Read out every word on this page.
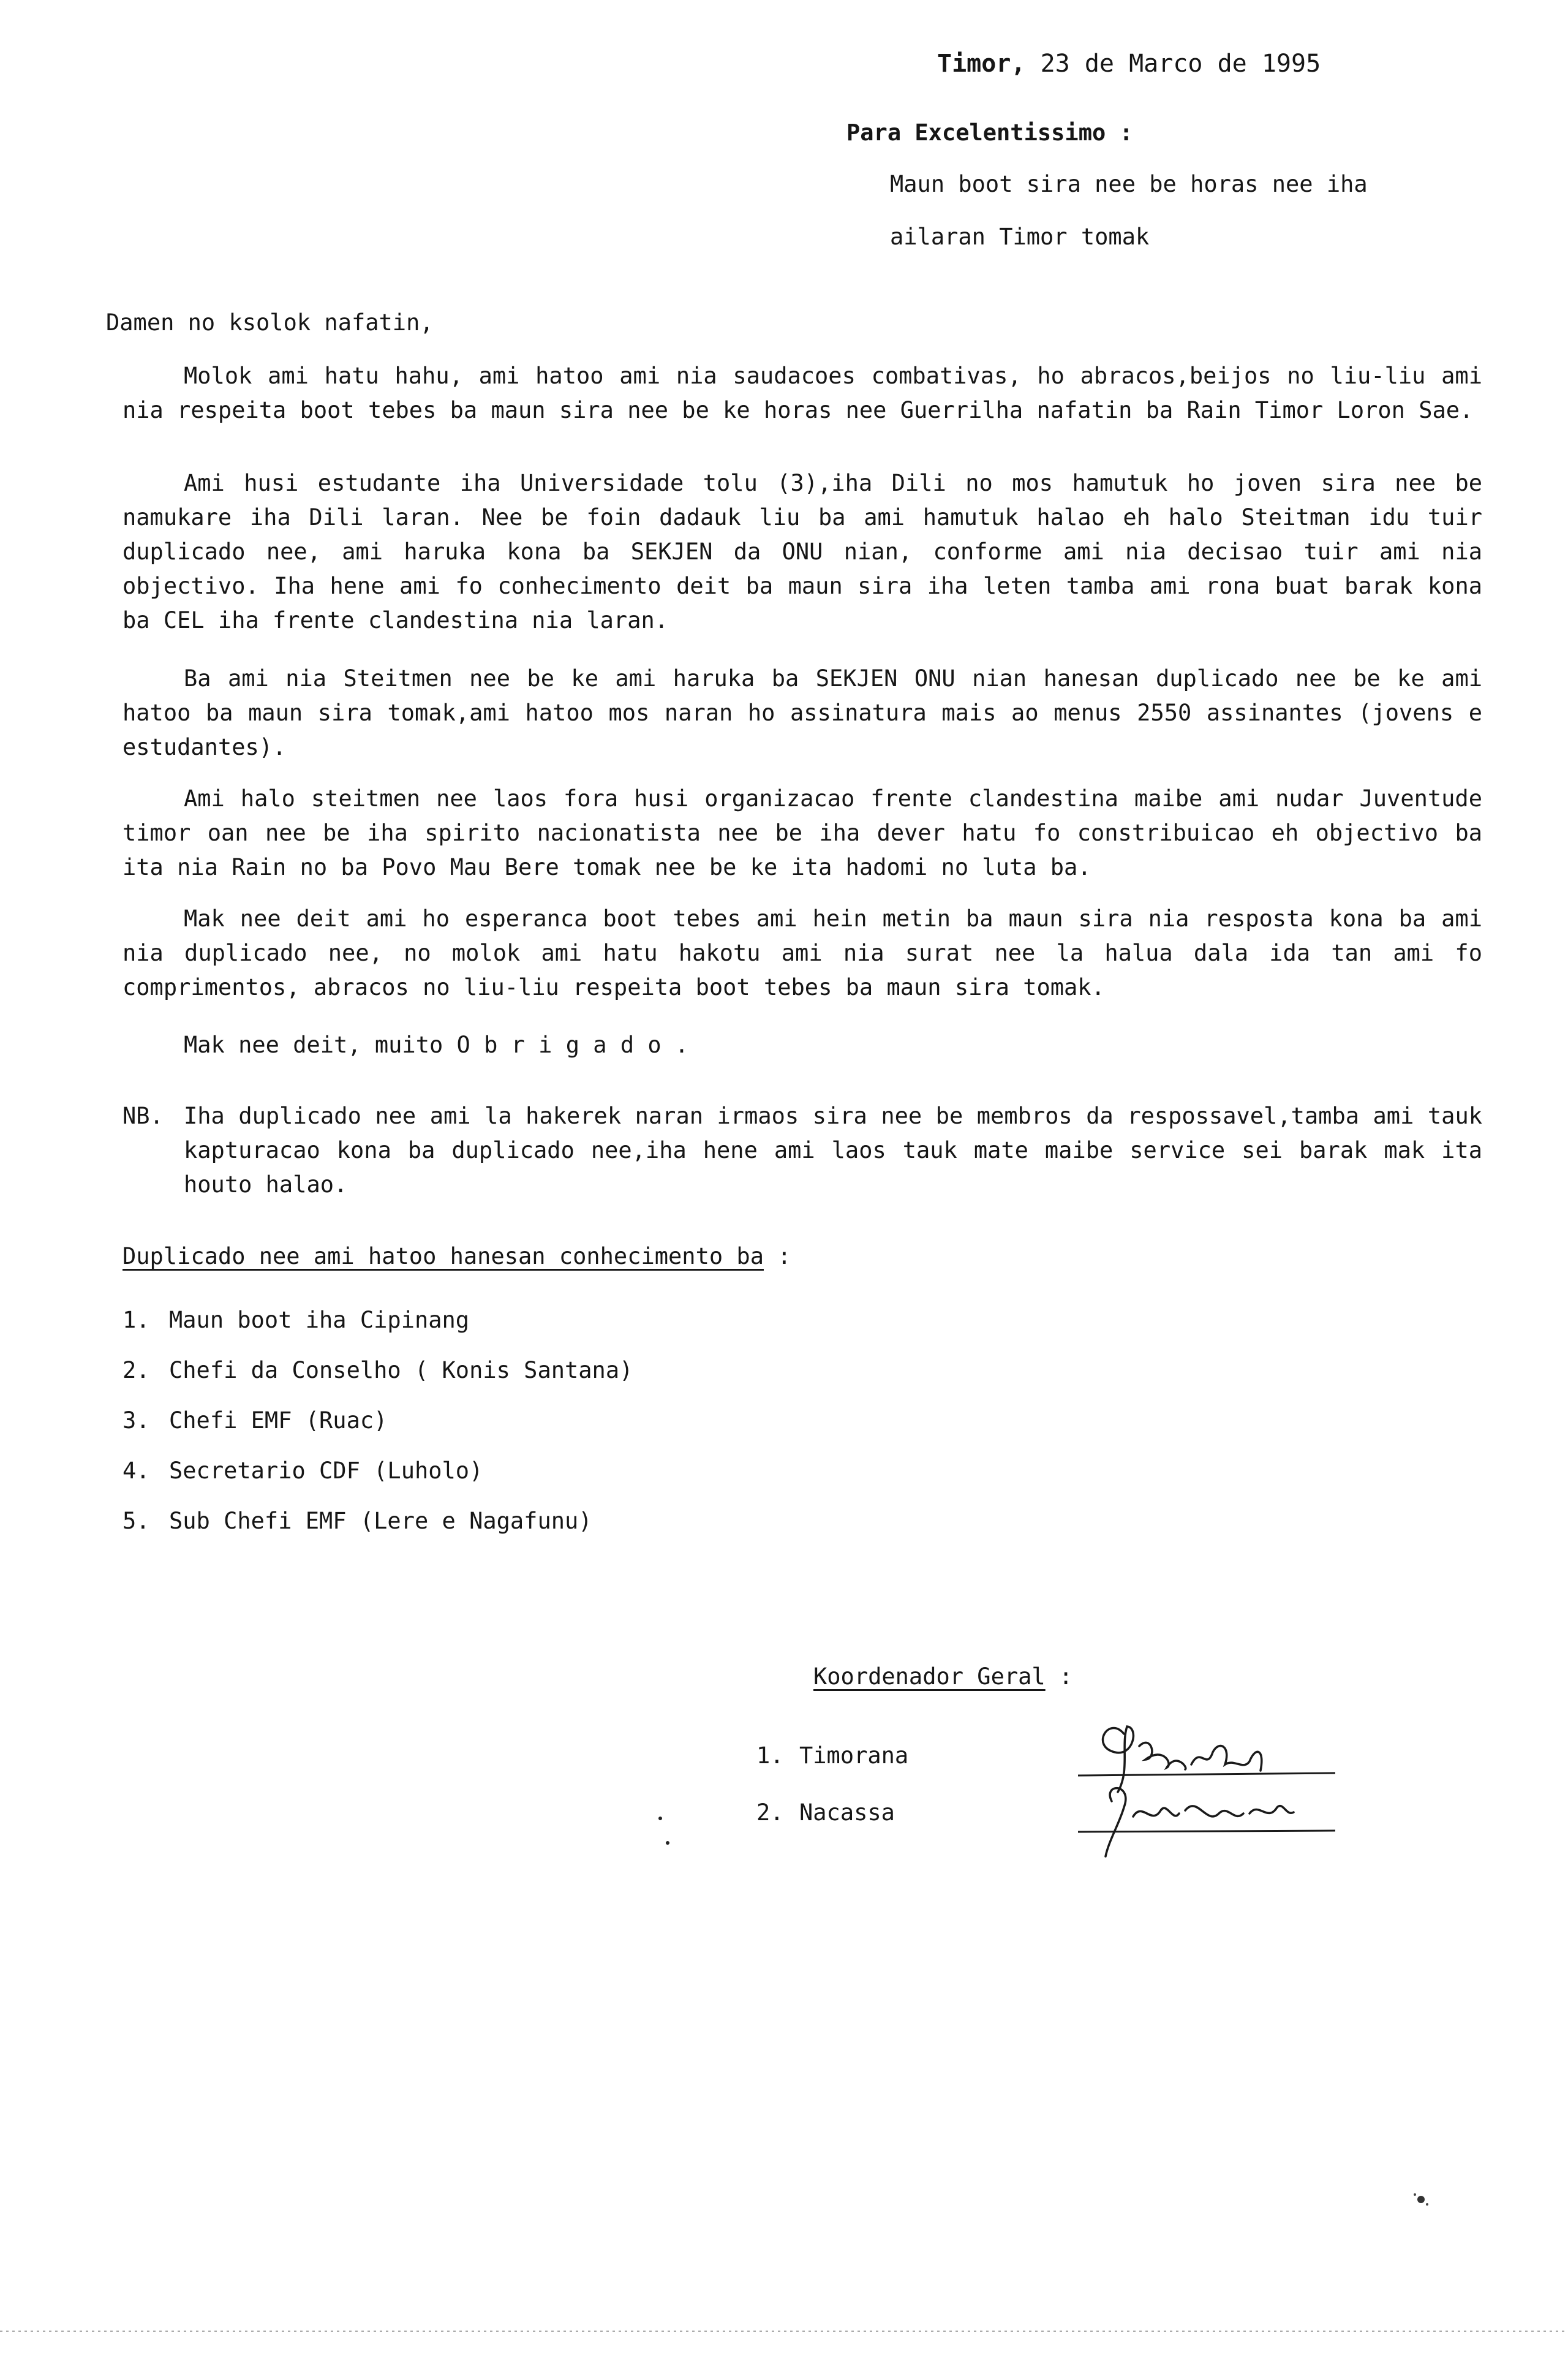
Timor, 23 de Marco de 1995
Para Excelentissimo :
Maun boot sira nee be horas nee iha
ailaran Timor tomak
Damen no ksolok nafatin,
Molok ami hatu hahu, ami hatoo ami nia saudacoes combativas, ho abracos,beijos no liu-liu ami nia respeita boot tebes ba maun sira nee be ke horas nee Guerrilha nafatin ba Rain Timor Loron Sae.
Ami husi estudante iha Universidade tolu (3),iha Dili no mos hamutuk ho joven sira nee be namukare iha Dili laran. Nee be foin dadauk liu ba ami hamutuk halao eh halo Steitman idu tuir duplicado nee, ami haruka kona ba SEKJEN da ONU nian, conforme ami nia decisao tuir ami nia objectivo. Iha hene ami fo conhecimento deit ba maun sira iha leten tamba ami rona buat barak kona ba CEL iha frente clandestina nia laran.
Ba ami nia Steitmen nee be ke ami haruka ba SEKJEN ONU nian hanesan duplicado nee be ke ami hatoo ba maun sira tomak,ami hatoo mos naran ho assinatura mais ao menus 2550 assinantes (jovens e estudantes).
Ami halo steitmen nee laos fora husi organizacao frente clandestina maibe ami nudar Juventude timor oan nee be iha spirito nacionatista nee be iha dever hatu fo constribuicao eh objectivo ba ita nia Rain no ba Povo Mau Bere tomak nee be ke ita hadomi no luta ba.
Mak nee deit ami ho esperanca boot tebes ami hein metin ba maun sira nia resposta kona ba ami nia duplicado nee, no molok ami hatu hakotu ami nia surat nee la halua dala ida tan ami fo comprimentos, abracos no liu-liu respeita boot tebes ba maun sira tomak.
Mak nee deit, muito O b r i g a d o .
NB. Iha duplicado nee ami la hakerek naran irmaos sira nee be membros da respossavel,tamba ami tauk kapturacao kona ba duplicado nee,iha hene ami laos tauk mate maibe service sei barak mak ita houto halao.
Duplicado nee ami hatoo hanesan conhecimento ba :
1. Maun boot iha Cipinang
2. Chefi da Conselho ( Konis Santana)
3. Chefi EMF (Ruac)
4. Secretario CDF (Luholo)
5. Sub Chefi EMF (Lere e Nagafunu)
Koordenador Geral :
1. Timorana
2. Nacassa
